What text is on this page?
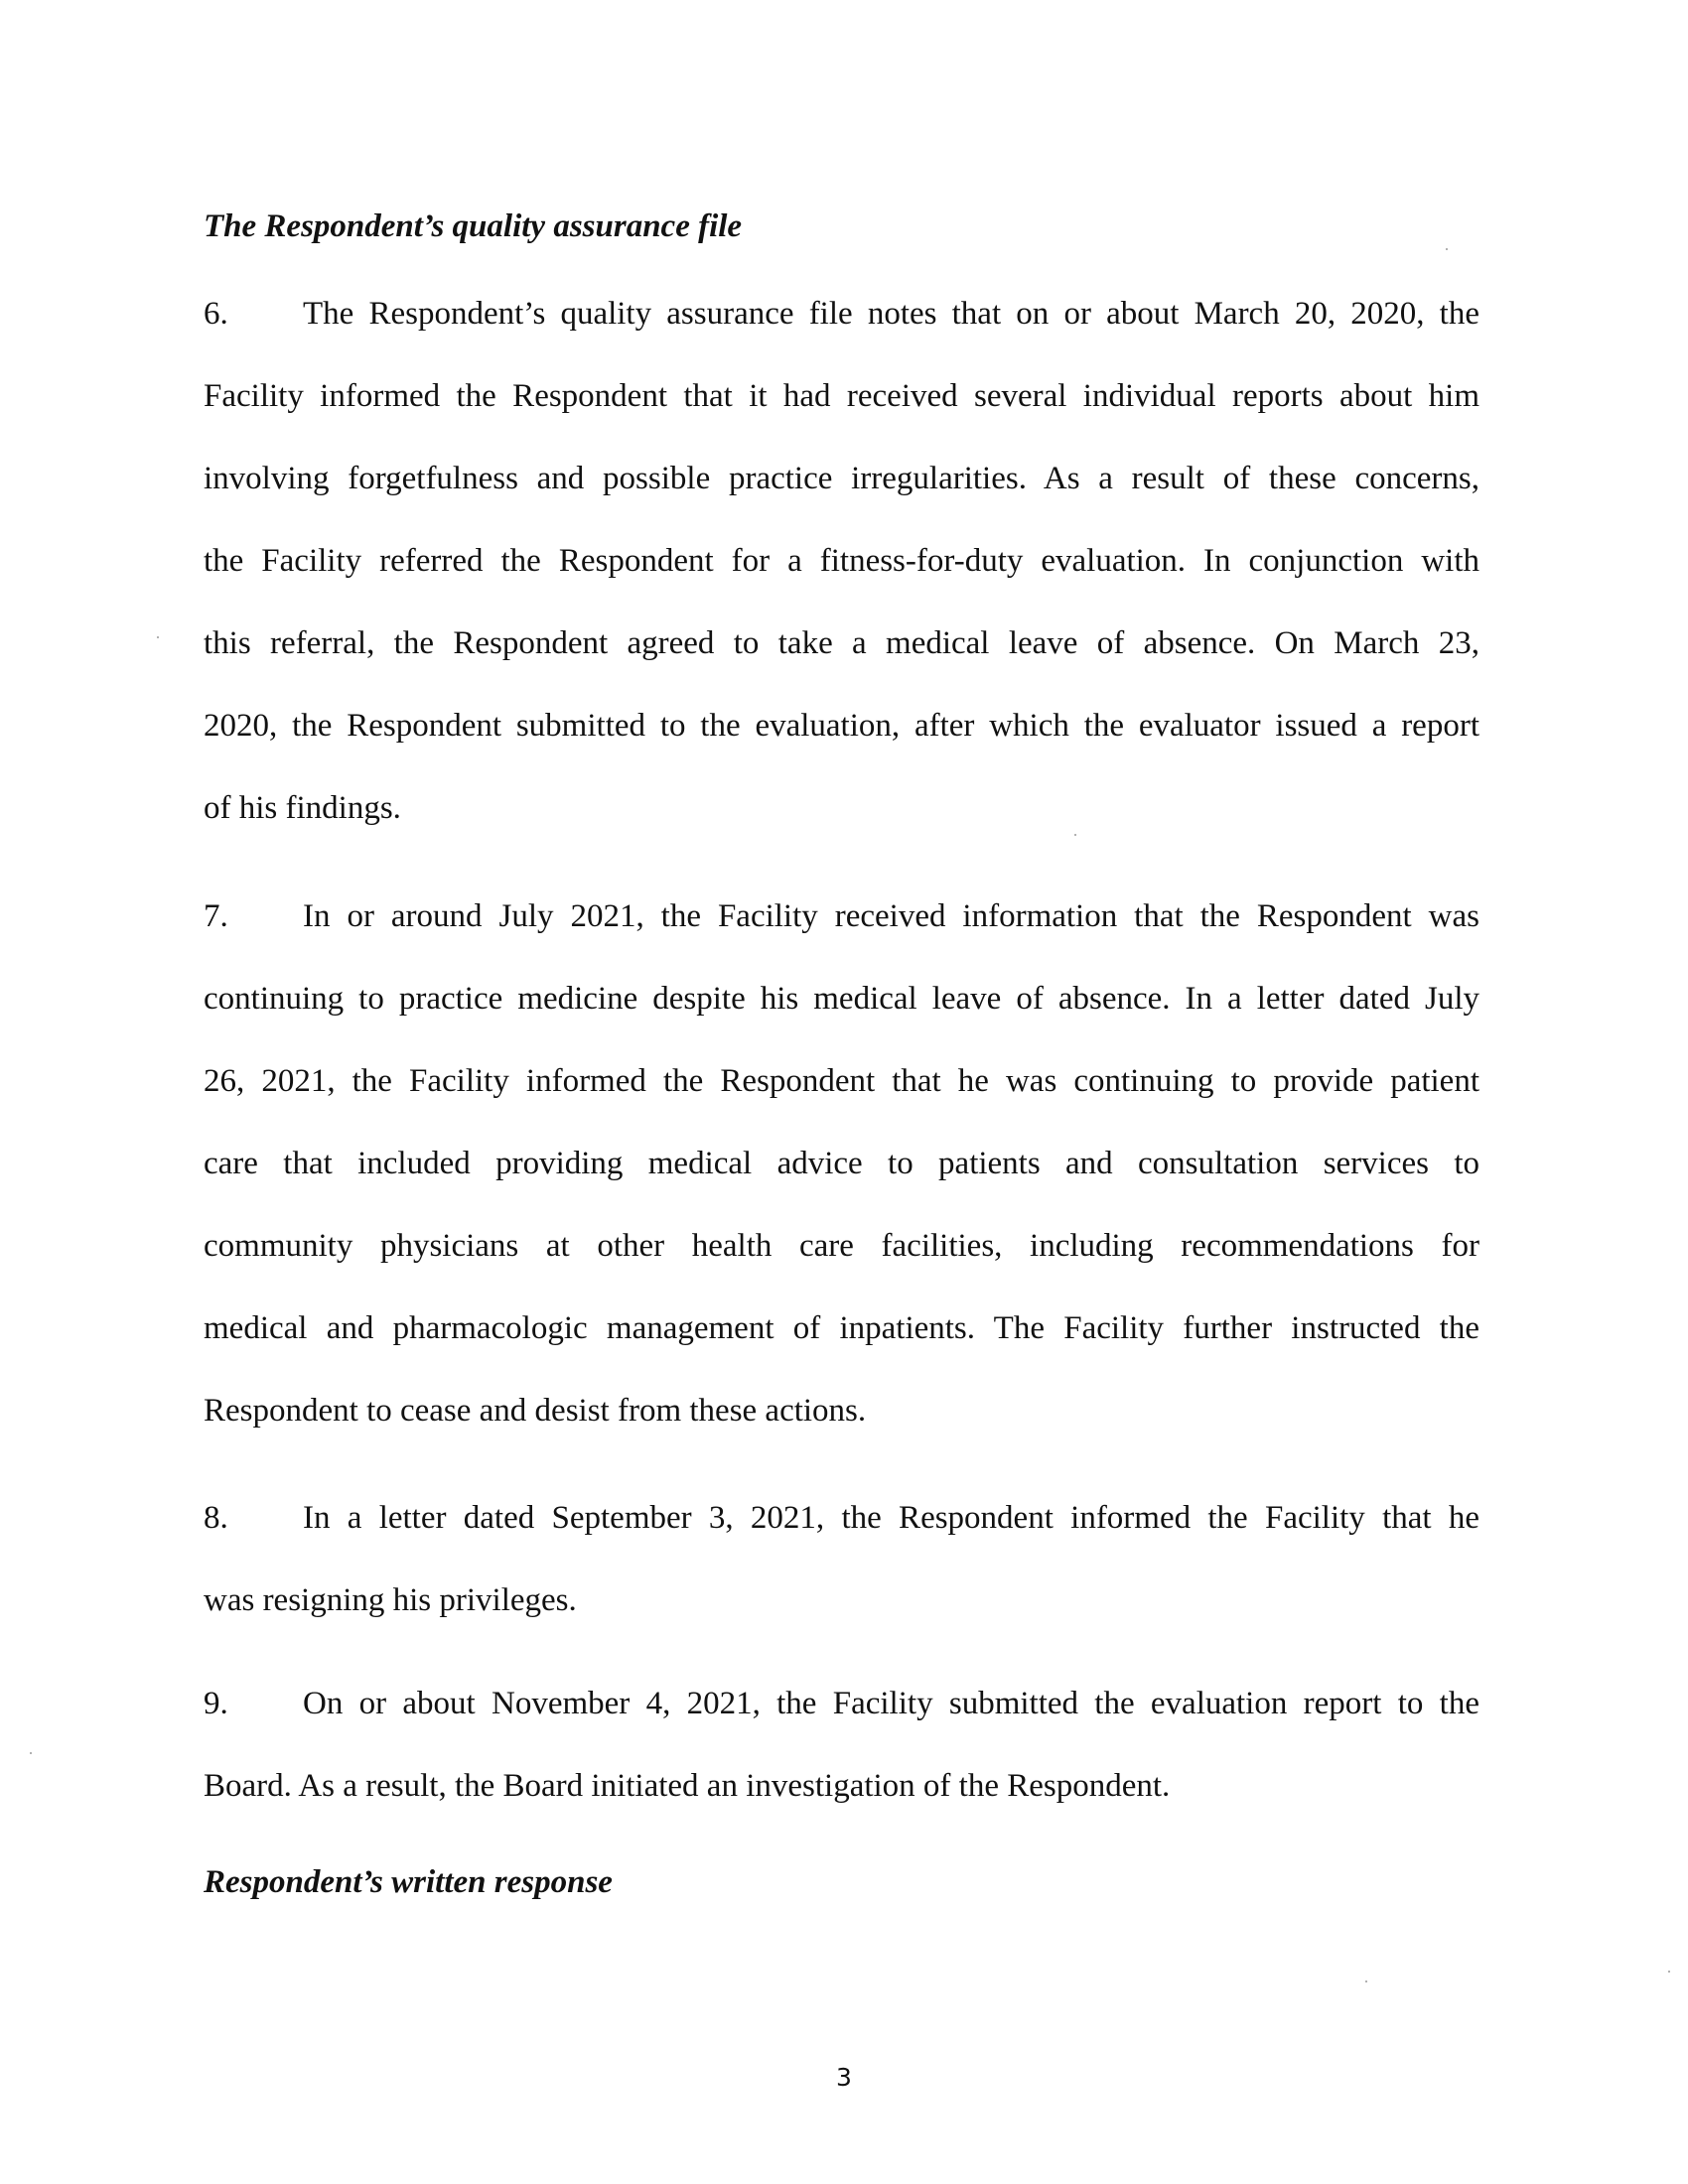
The Respondent’s quality assurance file
6. The Respondent’s quality assurance file notes that on or about March 20, 2020, the
Facility informed the Respondent that it had received several individual reports about him
involving forgetfulness and possible practice irregularities. As a result of these concerns,
the Facility referred the Respondent for a fitness-for-duty evaluation. In conjunction with
this referral, the Respondent agreed to take a medical leave of absence. On March 23,
2020, the Respondent submitted to the evaluation, after which the evaluator issued a report
of his findings.
7. In or around July 2021, the Facility received information that the Respondent was
continuing to practice medicine despite his medical leave of absence. In a letter dated July
26, 2021, the Facility informed the Respondent that he was continuing to provide patient
care that included providing medical advice to patients and consultation services to
community physicians at other health care facilities, including recommendations for
medical and pharmacologic management of inpatients. The Facility further instructed the
Respondent to cease and desist from these actions.
8. In a letter dated September 3, 2021, the Respondent informed the Facility that he
was resigning his privileges.
9. On or about November 4, 2021, the Facility submitted the evaluation report to the
Board. As a result, the Board initiated an investigation of the Respondent.
Respondent’s written response
3
